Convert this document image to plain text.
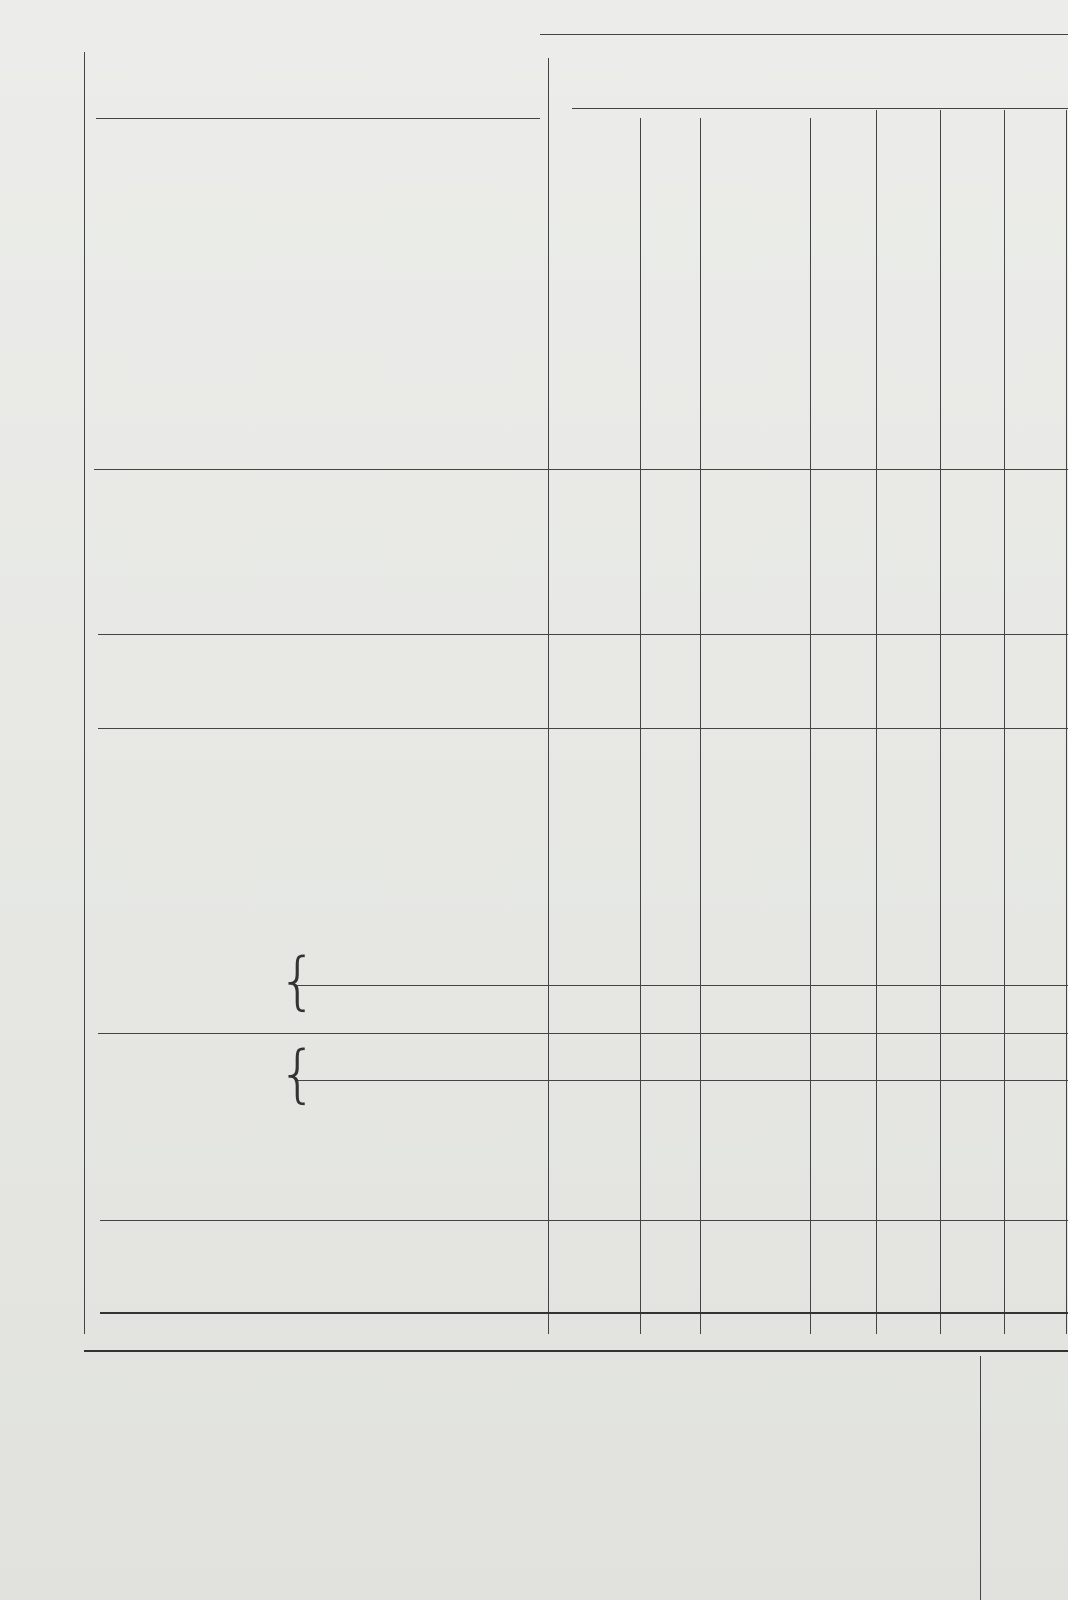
{
{
